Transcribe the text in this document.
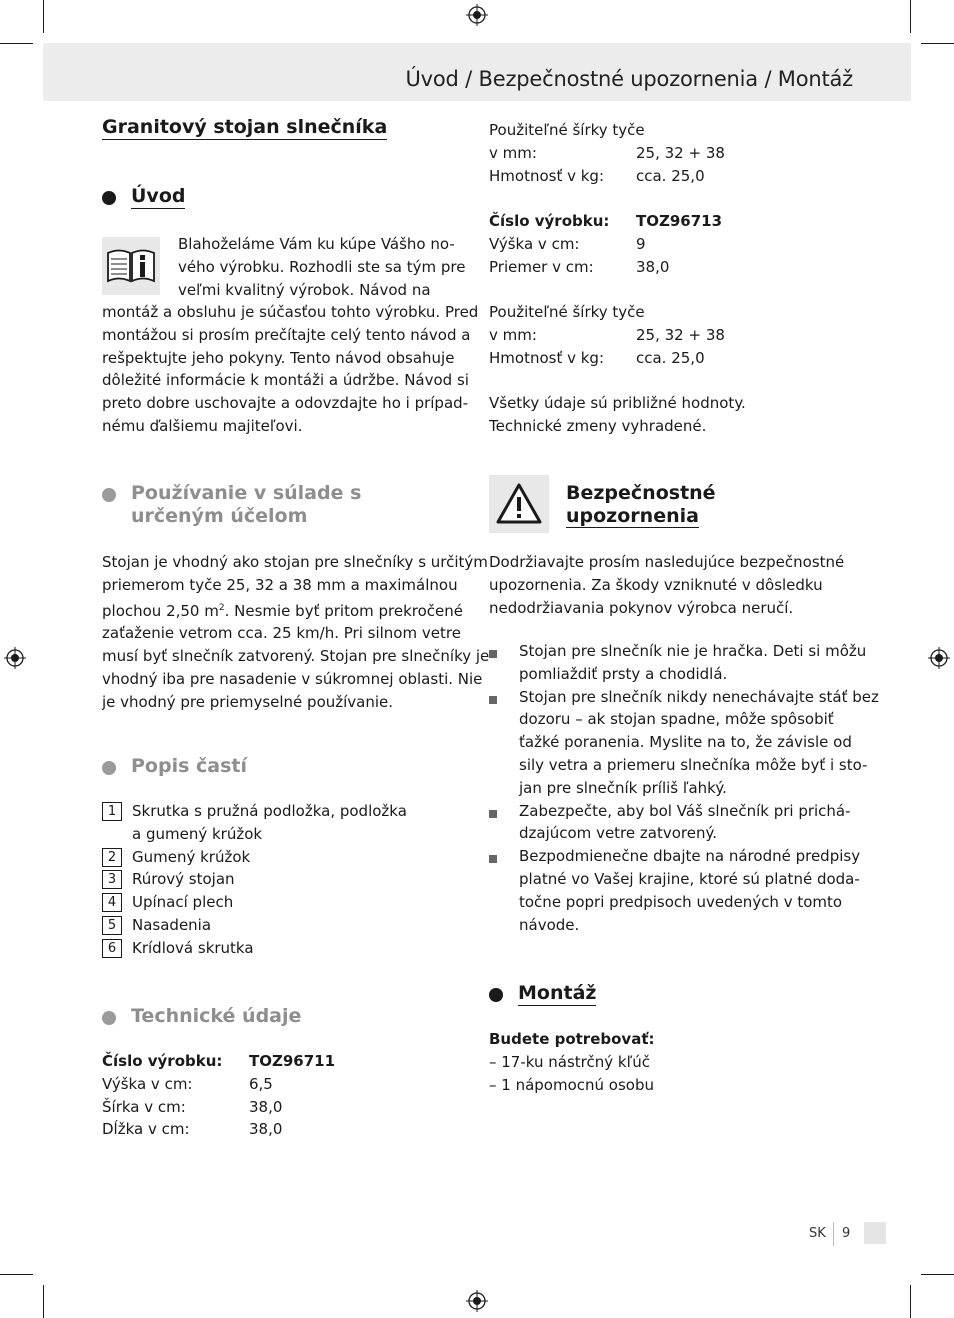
Úvod / Bezpečnostné upozornenia / Montáž
Granitový stojan slnečníka
Úvod
Blahoželáme Vám ku kúpe Vášho no-
vého výrobku. Rozhodli ste sa tým pre
veľmi kvalitný výrobok. Návod na
montáž a obsluhu je súčasťou tohto výrobku. Pred
montážou si prosím prečítajte celý tento návod a
rešpektujte jeho pokyny. Tento návod obsahuje
dôležité informácie k montáži a údržbe. Návod si
preto dobre uschovajte a odovzdajte ho i prípad-
nému ďalšiemu majiteľovi.
Používanie v súlade s
určeným účelom
Stojan je vhodný ako stojan pre slnečníky s určitým
priemerom tyče 25, 32 a 38 mm a maximálnou
plochou 2,50 $m^2$. Nesmie byť pritom prekročené
zaťaženie vetrom cca. 25 km/h. Pri silnom vetre
musí byť slnečník zatvorený. Stojan pre slnečníky je
vhodný iba pre nasadenie v súkromnej oblasti. Nie
je vhodný pre priemyselné používanie.
Popis častí
1	Skrutka s pružná podložka, podložka
a gumený krúžok
2	Gumený krúžok
3	Rúrový stojan
4	Upínací plech
5	Nasadenia
6	Krídlová skrutka
Technické údaje
Číslo výrobku:	TOZ96711
Výška v cm:	6,5
Šírka v cm:	38,0
Dĺžka v cm:	38,0
Použiteľné šírky tyče
v mm:	25, 32 + 38
Hmotnosť v kg:	cca. 25,0
Číslo výrobku:	TOZ96713
Výška v cm:	9
Priemer v cm:	38,0
Použiteľné šírky tyče
v mm:	25, 32 + 38
Hmotnosť v kg:	cca. 25,0
Všetky údaje sú približné hodnoty.
Technické zmeny vyhradené.
Bezpečnostné
upozornenia
Dodržiavajte prosím nasledujúce bezpečnostné
upozornenia. Za škody vzniknuté v dôsledku
nedodržiavania pokynov výrobca neručí.
Stojan pre slnečník nie je hračka. Deti si môžu
pomliaždiť prsty a chodidlá.
Stojan pre slnečník nikdy nenechávajte stáť bez
dozoru – ak stojan spadne, môže spôsobiť
ťažké poranenia. Myslite na to, že závisle od
sily vetra a priemeru slnečníka môže byť i sto-
jan pre slnečník príliš ľahký.
Zabezpečte, aby bol Váš slnečník pri prichá-
dzajúcom vetre zatvorený.
Bezpodmienečne dbajte na národné predpisy
platné vo Vašej krajine, ktoré sú platné doda-
točne popri predpisoch uvedených v tomto
návode.
Montáž
Budete potrebovať:
– 17-ku nástrčný kľúč
– 1 nápomocnú osobu
SK 9
